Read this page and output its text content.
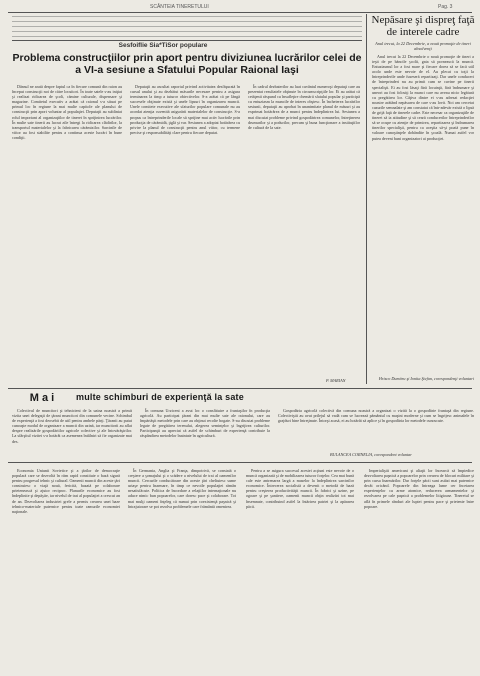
SCÂNTEIA TINERETULUI	Pag. 3
Sesfoiflie Sia*TiSor populare
Problema construcţiilor prin aport pentru diviziunea lucrărilor celei de a VI-a sesiune a Sfatului Popular Raional Iaşi

Dânsul ne arată despre faptul ca în fiecare comună din raion au început construcţii noi de către locuitori. În toate satele s-au iniţiat şi realizat ridicarea de şcoli, cămine culturale, dispensare şi magazine. Comitetul executiv a arătat că raionul s-a situat pe primul loc în regiune la mai multe capitole ale planului de construcţii prin aport voluntar al populaţiei. Deputaţii au subliniat rolul important al organizaţiilor de tineret în sprijinirea lucrărilor. În multe sate tinerii au lucrat zile întregi la ridicarea clădirilor, la transportul materialelor şi la fabricarea cărămizilor. Sarcinile de viitor au fost stabilite pentru a continua aceste lucrări în bune condiţii.

Deputaţii au ascultat raportul privind activitatea desfăşurată în cursul anului şi au dezbătut măsurile necesare pentru a asigura terminarea la timp a tuturor obiectivelor. S-a arătat că pe lângă succesele obţinute există şi unele lipsuri în organizarea muncii. Unele comitete executive ale sfaturilor populare comunale nu au acordat atenţia cuvenită asigurării materialelor de construcţie. S-a propus ca întreprinderile locale să sprijine mai activ lucrările prin producţia de cărămidă, ţiglă şi var. Sesiunea a adoptat hotărârea cu privire la planul de construcţii pentru anul viitor, cu termene precise şi responsabilităţi clare pentru fiecare deputat.

În cadrul dezbaterilor au luat cuvântul numeroşi deputaţi care au prezentat rezultatele obţinute în circumscripţiile lor. Ei au arătat că cetăţenii răspund cu însufleţire chemării sfatului popular şi participă cu entuziasm la muncile de interes obştesc. În încheierea lucrărilor sesiunii, deputaţii au aprobat în unanimitate planul de măsuri şi au exprimat hotărârea de a munci pentru îndeplinirea lui. Sesiunea a mai discutat probleme privind gospodărirea comunelor, întreţinerea drumurilor şi a podurilor, precum şi buna funcţionare a instituţiilor de cultură de la sate.

P. MARIAN
Nepăsare şi dispreţ faţă de interele cadre
Anul trecut, la 22 Decembrie, a nouă promoţie de tineri absolvenţi

Anul trecut la 22 Decembrie o nouă promoţie de tineri a ieşit de pe băncile şcolii, gata să pornească la muncă. Entuziasmul lor a fost mare şi fiecare dorea să se facă util acolo unde este nevoie de el. Au plecat cu toţii la întreprinderile unde fuseseră repartizaţi. Dar unele conduceri de întreprinderi nu au primit cum se cuvine pe tinerii specialişti. Ei au fost lăsaţi fără locuinţă, fără îndrumare şi uneori au fost folosiţi la munci care nu aveau nicio legătură cu pregătirea lor. Câţiva dintre ei s-au adresat redacţiei noastre arătând nepăsarea de care s-au lovit. Noi am cercetat cazurile semnalate şi am constatat că într-adevăr există o lipsă de grijă faţă de tinerele cadre. Este necesar ca organizaţiile de tineret să ia atitudine şi să ceară conducerilor întreprinderilor să se ocupe cu atenţie de primirea, repartizarea şi îndrumarea tinerilor specialişti, pentru ca aceştia să-şi poată pune în valoare cunoştinţele dobândite în şcoală. Numai astfel vor putea deveni buni organizatori ai producţiei.

Hrisco Dumitru şi Ionita Ştefan, corespondenţi voluntari
M a i	multe schimburi de experienţă la sate

Colectivul de muncitori şi tehnicieni de la uzina noastră a primit vizita unei delegaţii de ţărani muncitori din comunele vecine. Schimbul de experienţă a fost deosebit de util pentru ambele părţi. Ţăranii au putut cunoaşte modul de organizare a muncii din uzină, iar muncitorii au aflat despre realizările gospodăriilor agricole colective şi ale întovărăşirilor. La sfârşitul vizitei s-a hotărât ca asemenea întâlniri să fie organizate mai des.

În comuna Urziceni a avut loc o consfătuire a fruntaşilor în producţia agricolă. Au participat ţărani din mai multe sate ale raionului, care au împărtăşit metodele prin care au obţinut recolte bogate. S-au discutat probleme legate de pregătirea terenului, alegerea seminţelor şi îngrijirea culturilor. Participanţii au apreciat că astfel de schimburi de experienţă contribuie la răspândirea metodelor înaintate în agricultură.

Gospodăria agricolă colectivă din comuna noastră a organizat o vizită la o gospodărie fruntaşă din regiune. Colectiviştii au avut prilejul să vadă cum se lucrează pământul cu maşini moderne şi cum se îngrijesc animalele în grajduri bine întreţinute. Întorşi acasă, ei au hotărât să aplice şi în gospodăria lor metodele cunoscute.

BULANCEA CORNELIA, corespondent voluntar

Economia Uniunii Sovietice şi a ţărilor de democraţie populară care se dezvoltă în ritm rapid constituie o bază sigură pentru progresul tehnic şi cultural. Oamenii muncii din aceste ţări construiesc o viaţă nouă, fericită, bazată pe colaborare prietenească şi ajutor reciproc. Planurile economice au fost îndeplinite şi depăşite, iar nivelul de trai al populaţiei a crescut an de an. Dezvoltarea industriei grele a permis crearea unei baze tehnico-materiale puternice pentru toate ramurile economiei naţionale.

În Germania, Anglia şi Franţa, dimpotrivă, se constată o creştere a şomajului şi o scădere a nivelului de trai al oamenilor muncii. Cercurile conducătoare din aceste ţări cheltuiesc sume uriaşe pentru înarmare, în timp ce nevoile populaţiei rămân nesatisfăcute. Politica de încordare a relaţiilor internaţionale nu aduce nimic bun popoarelor, care doresc pace şi colaborare. Tot mai mulţi oameni înţeleg că numai prin coexistenţă paşnică şi întrajutorare se pot rezolva problemele care frământă omenirea.

Pentru a se asigura succesul acestei acţiuni este nevoie de o muncă organizată şi de mobilizarea tuturor forţelor. Cea mai bună cale este antrenarea largă a maselor la îndeplinirea sarcinilor economice. Întrecerea socialistă a devenit o metodă de bază pentru creşterea productivităţii muncii. În fabrici şi uzine, pe ogoare şi pe şantiere, oamenii muncii obţin realizări tot mai însemnate, contribuind astfel la întărirea patriei şi la apărarea păcii.

Imperialiştii americani şi aliaţii lor încearcă să împiedice dezvoltarea paşnică a popoarelor prin crearea de blocuri militare şi prin cursa înarmărilor. Dar forţele păcii sunt astăzi mai puternice decât oricând. Popoarele din întreaga lume cer încetarea experienţelor cu arme atomice, reducerea armamentelor şi rezolvarea pe cale paşnică a problemelor litigioase. Tineretul se află în primele rânduri ale luptei pentru pace şi prietenie între popoare.
